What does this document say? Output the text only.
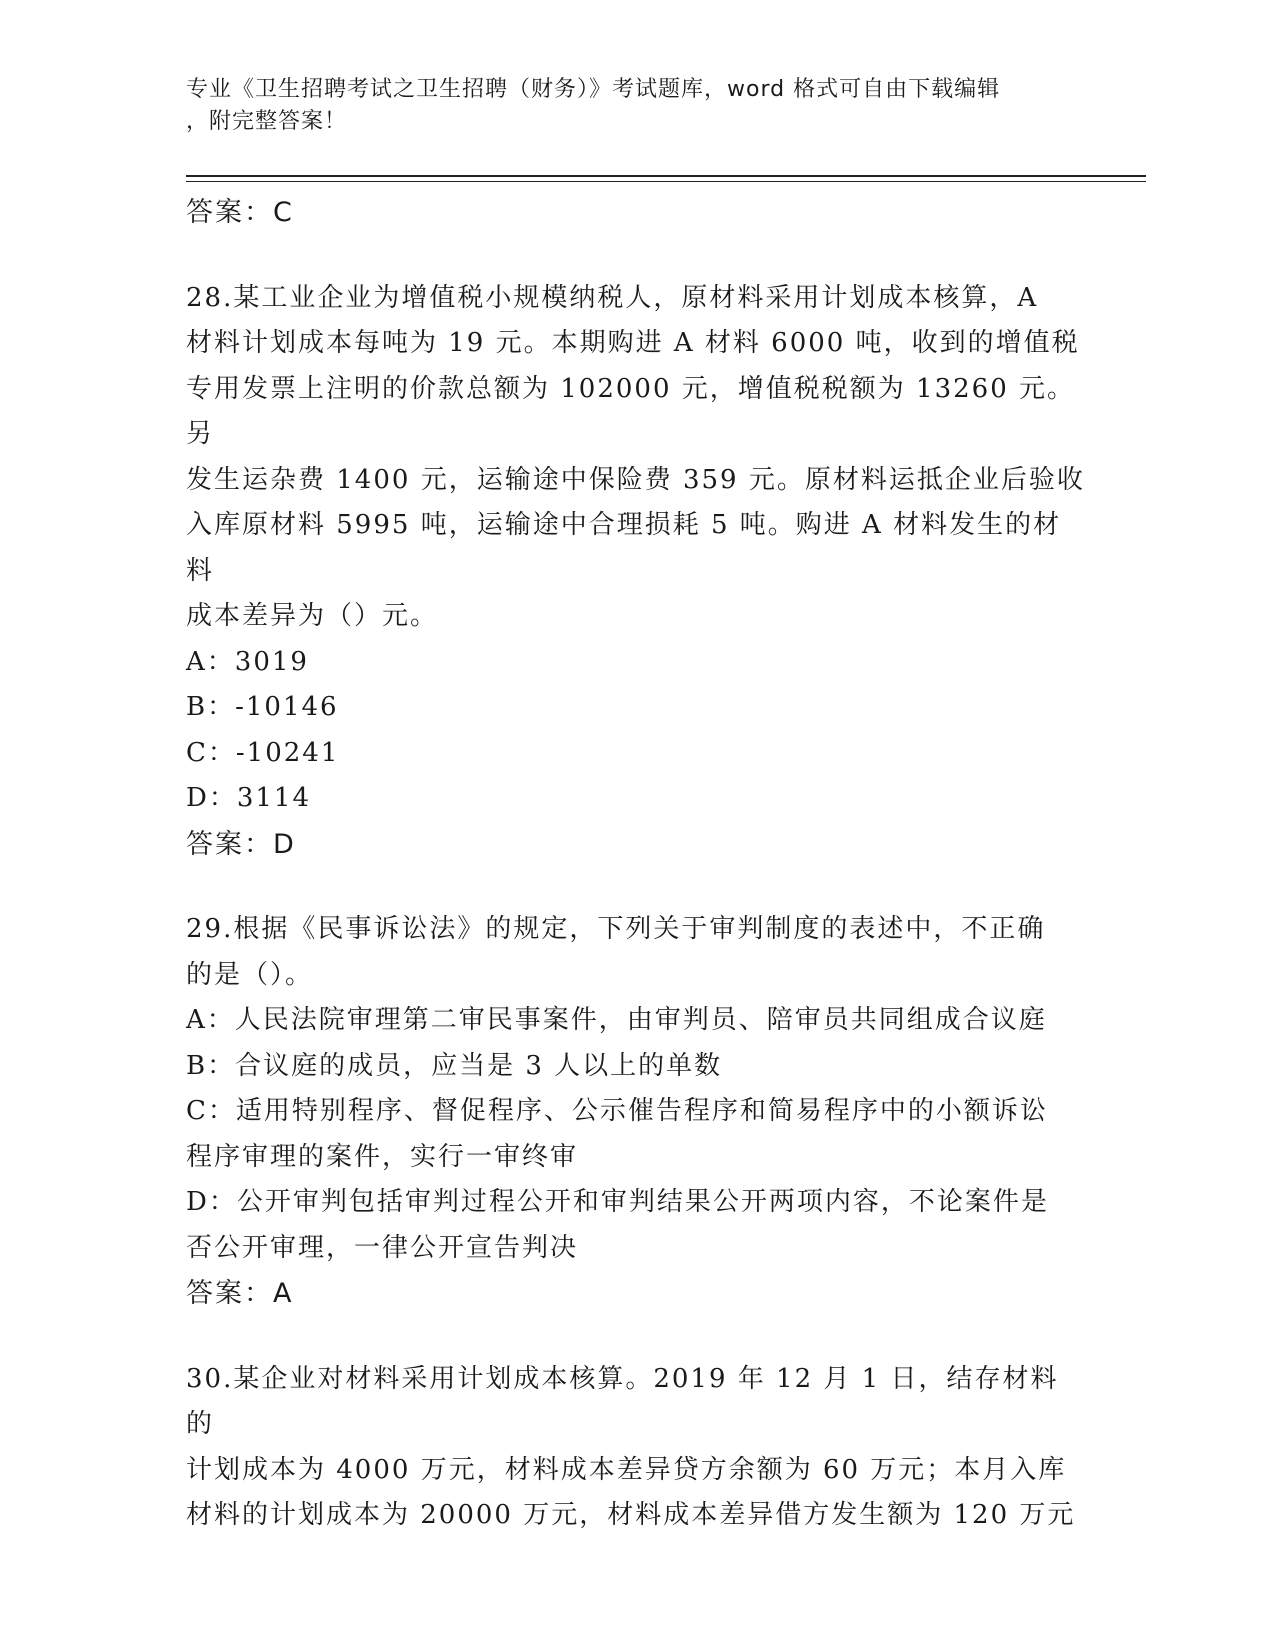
专业《卫生招聘考试之卫生招聘（财务）》考试题库，word 格式可自由下载编辑

，附完整答案！

答案：C

28.某工业企业为增值税小规模纳税人，原材料采用计划成本核算，A

材料计划成本每吨为 19 元。本期购进 A 材料 6000 吨，收到的增值税

专用发票上注明的价款总额为 102000 元，增值税税额为 13260 元。另

发生运杂费 1400 元，运输途中保险费 359 元。原材料运抵企业后验收

入库原材料 5995 吨，运输途中合理损耗 5 吨。购进 A 材料发生的材料

成本差异为（）元。

A：3019

B：-10146

C：-10241

D：3114

答案：D

29.根据《民事诉讼法》的规定，下列关于审判制度的表述中，不正确

的是（）。

A：人民法院审理第二审民事案件，由审判员、陪审员共同组成合议庭

B：合议庭的成员，应当是 3 人以上的单数

C：适用特别程序、督促程序、公示催告程序和简易程序中的小额诉讼

程序审理的案件，实行一审终审

D：公开审判包括审判过程公开和审判结果公开两项内容，不论案件是

否公开审理，一律公开宣告判决

答案：A

30.某企业对材料采用计划成本核算。2019 年 12 月 1 日，结存材料的

计划成本为 4000 万元，材料成本差异贷方余额为 60 万元；本月入库

材料的计划成本为 20000 万元，材料成本差异借方发生额为 120 万元
